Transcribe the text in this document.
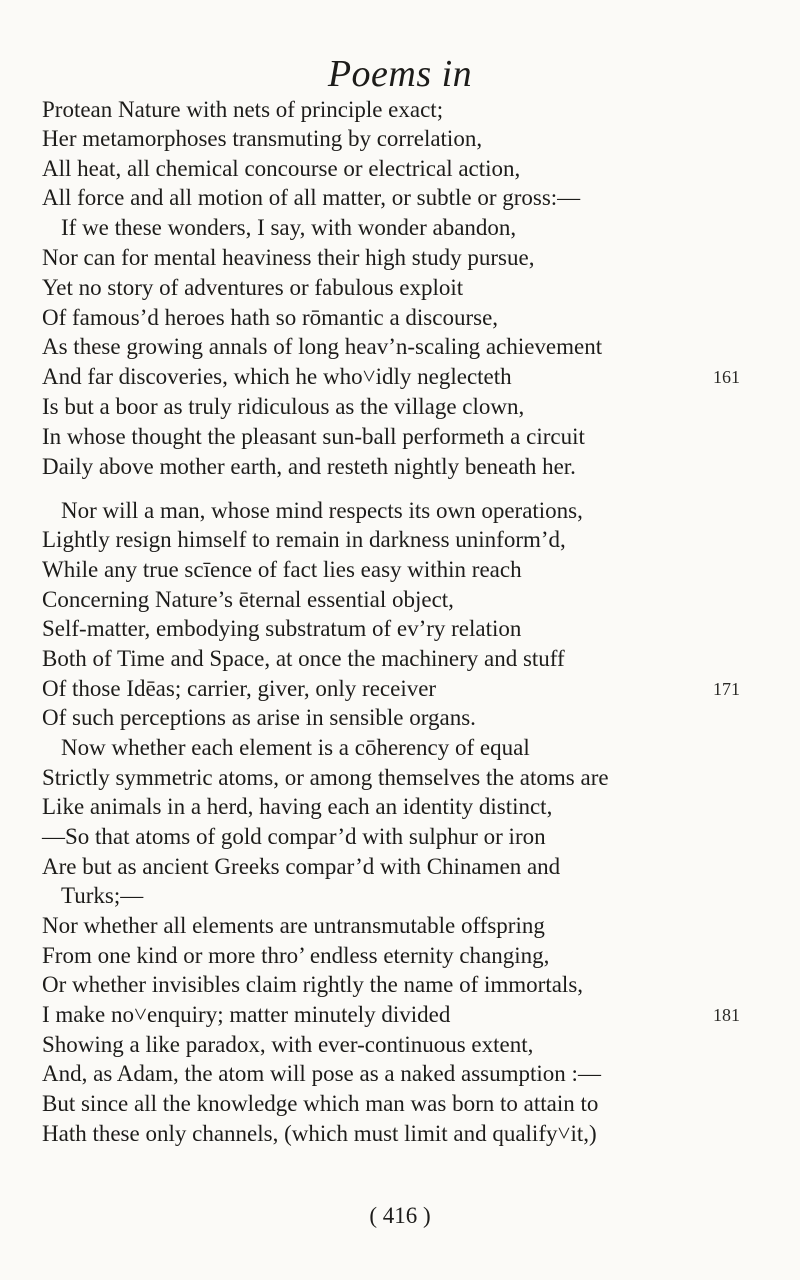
Poems in
Protean Nature with nets of principle exact;
Her metamorphoses transmuting by correlation,
All heat, all chemical concourse or electrical action,
All force and all motion of all matter, or subtle or gross:—
If we these wonders, I say, with wonder abandon,
Nor can for mental heaviness their high study pursue,
Yet no story of adventures or fabulous exploit
Of famous’d heroes hath so rōmantic a discourse,
As these growing annals of long heav’n-scaling achievement
And far discoveries, which he who˅idly neglecteth	161
Is but a boor as truly ridiculous as the village clown,
In whose thought the pleasant sun-ball performeth a circuit
Daily above mother earth, and resteth nightly beneath her.
Nor will a man, whose mind respects its own operations,
Lightly resign himself to remain in darkness uninform’d,
While any true scīence of fact lies easy within reach
Concerning Nature’s ēternal essential object,
Self-matter, embodying substratum of ev’ry relation
Both of Time and Space, at once the machinery and stuff
Of those Idēas; carrier, giver, only receiver	171
Of such perceptions as arise in sensible organs.
Now whether each element is a cōherency of equal
Strictly symmetric atoms, or among themselves the atoms are
Like animals in a herd, having each an identity distinct,
—So that atoms of gold compar’d with sulphur or iron
Are but as ancient Greeks compar’d with Chinamen and
Turks;—
Nor whether all elements are untransmutable offspring
From one kind or more thro’ endless eternity changing,
Or whether invisibles claim rightly the name of immortals,
I make no˅enquiry; matter minutely divided	181
Showing a like paradox, with ever-continuous extent,
And, as Adam, the atom will pose as a naked assumption :—
But since all the knowledge which man was born to attain to
Hath these only channels, (which must limit and qualify˅it,)
( 416 )
